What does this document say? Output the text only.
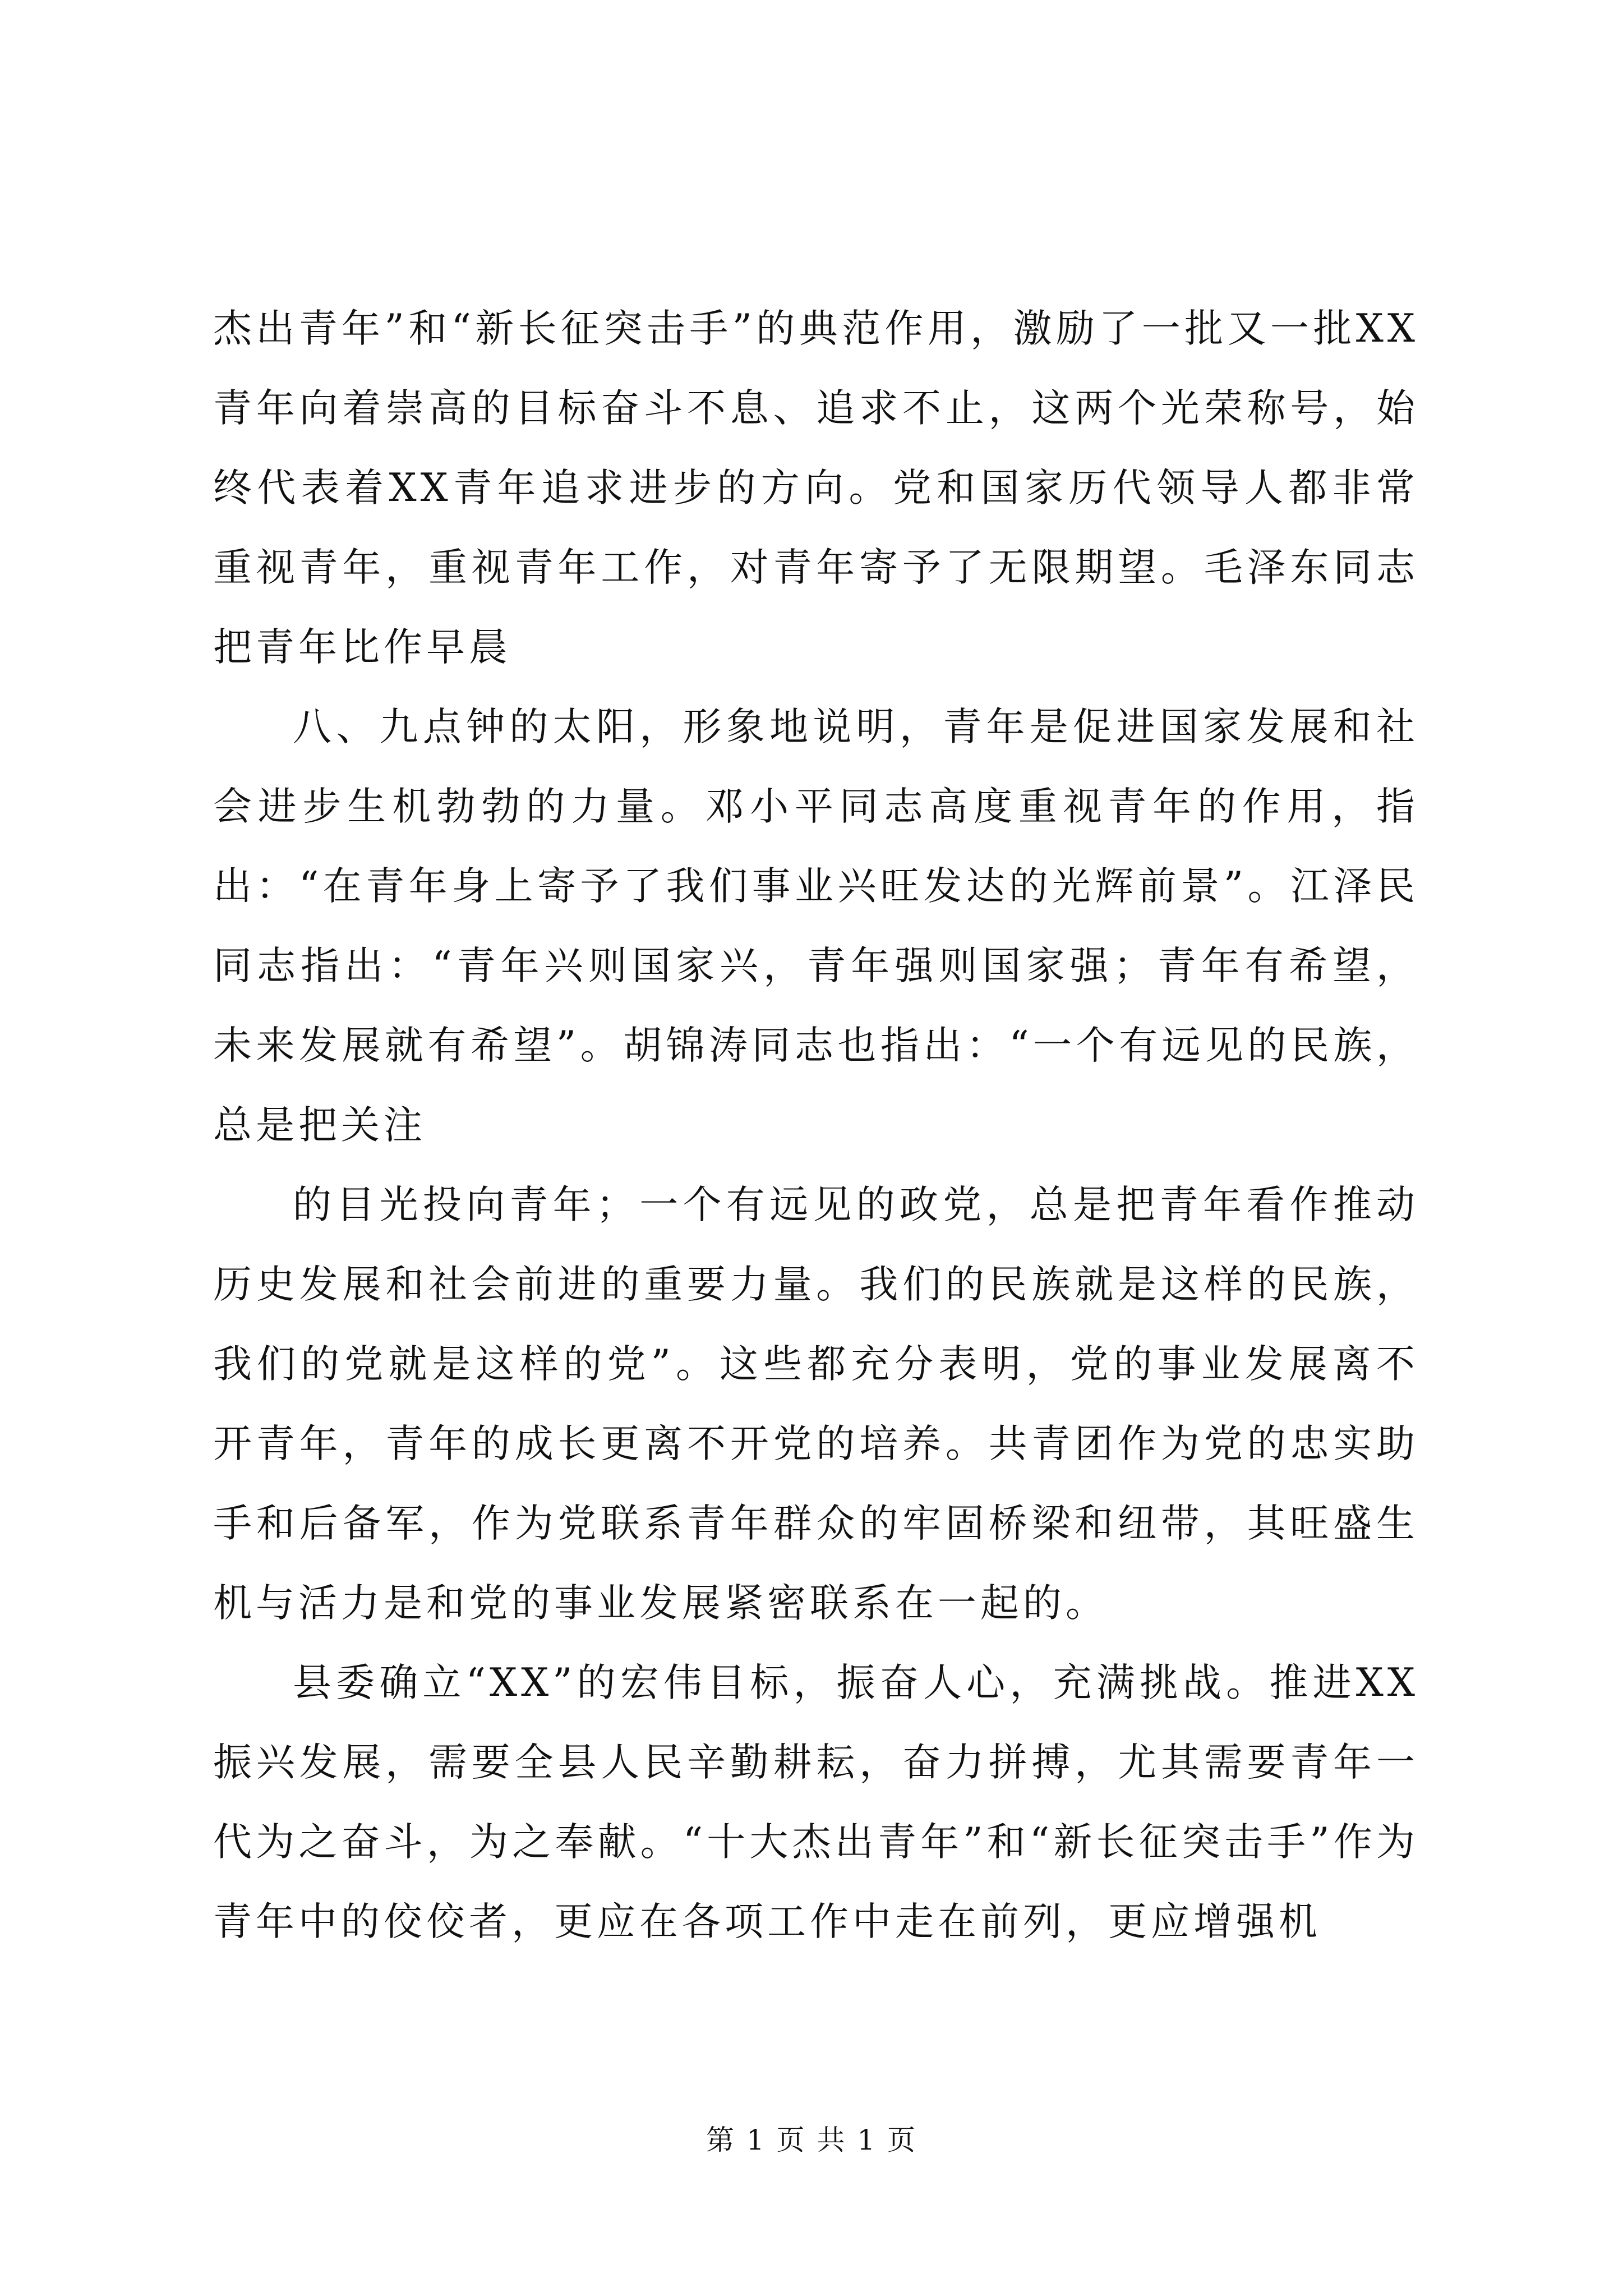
杰出青年”和“新长征突击手”的典范作用，激励了一批又一批XX青年向着崇高的目标奋斗不息、追求不止，这两个光荣称号，始终代表着XX青年追求进步的方向。党和国家历代领导人都非常重视青年，重视青年工作，对青年寄予了无限期望。毛泽东同志把青年比作早晨

八、九点钟的太阳，形象地说明，青年是促进国家发展和社会进步生机勃勃的力量。邓小平同志高度重视青年的作用，指出：“在青年身上寄予了我们事业兴旺发达的光辉前景”。江泽民同志指出：“青年兴则国家兴，青年强则国家强；青年有希望，未来发展就有希望”。胡锦涛同志也指出：“一个有远见的民族，总是把关注

的目光投向青年；一个有远见的政党，总是把青年看作推动历史发展和社会前进的重要力量。我们的民族就是这样的民族，我们的党就是这样的党”。这些都充分表明，党的事业发展离不开青年，青年的成长更离不开党的培养。共青团作为党的忠实助手和后备军，作为党联系青年群众的牢固桥梁和纽带，其旺盛生机与活力是和党的事业发展紧密联系在一起的。

县委确立“XX”的宏伟目标，振奋人心，充满挑战。推进XX振兴发展，需要全县人民辛勤耕耘，奋力拼搏，尤其需要青年一代为之奋斗，为之奉献。“十大杰出青年”和“新长征突击手”作为青年中的佼佼者，更应在各项工作中走在前列，更应增强机

第 1 页 共 1 页
